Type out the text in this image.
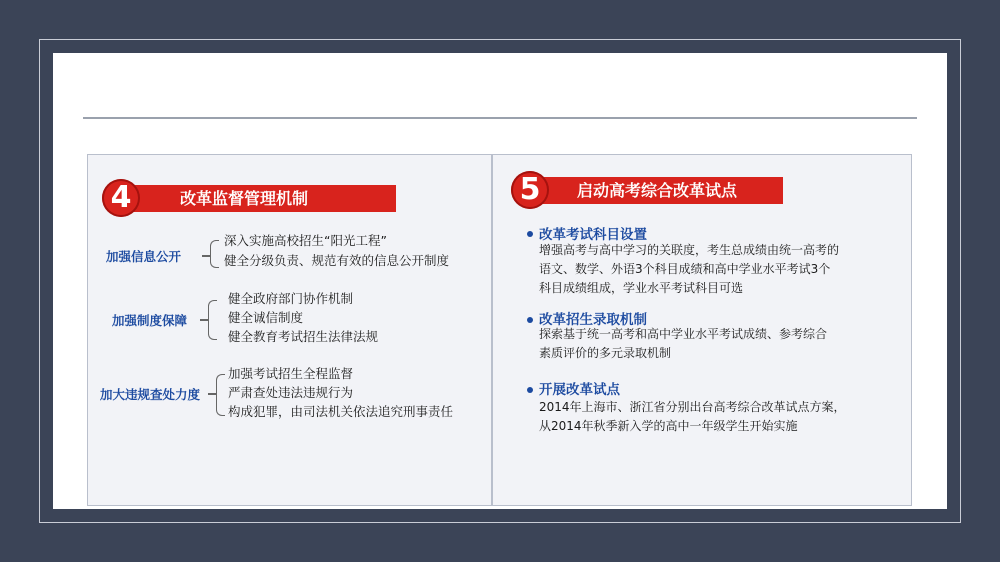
改革监督管理机制
4
加强信息公开
深入实施高校招生“阳光工程”
健全分级负责、规范有效的信息公开制度
加强制度保障
健全政府部门协作机制
健全诚信制度
健全教育考试招生法律法规
加大违规查处力度
加强考试招生全程监督
严肃查处违法违规行为
构成犯罪，由司法机关依法追究刑事责任
启动高考综合改革试点
5
改革考试科目设置
增强高考与高中学习的关联度，考生总成绩由统一高考的
语文、数学、外语3个科目成绩和高中学业水平考试3个
科目成绩组成，学业水平考试科目可选
改革招生录取机制
探索基于统一高考和高中学业水平考试成绩、参考综合
素质评价的多元录取机制
开展改革试点
2014年上海市、浙江省分别出台高考综合改革试点方案，
从2014年秋季新入学的高中一年级学生开始实施
